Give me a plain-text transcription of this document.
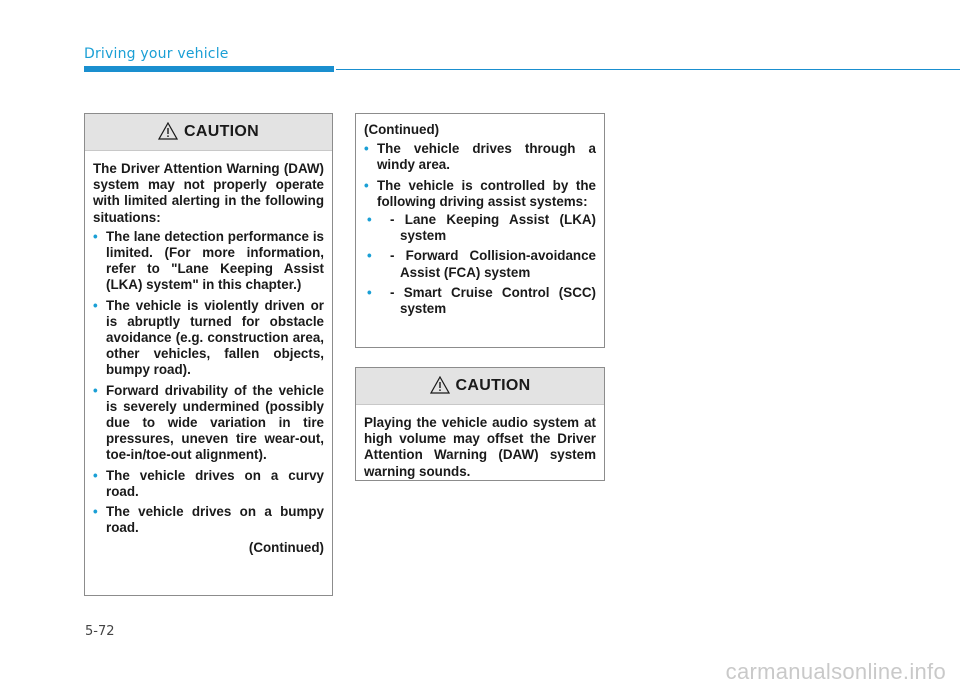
Driving your vehicle
CAUTION

The Driver Attention Warning (DAW) system may not properly operate with limited alerting in the following situations:

• The lane detection performance is limited. (For more information, refer to "Lane Keeping Assist (LKA) system" in this chapter.)
• The vehicle is violently driven or is abruptly turned for obstacle avoidance (e.g. construction area, other vehicles, fallen objects, bumpy road).
• Forward drivability of the vehicle is severely undermined (possibly due to wide variation in tire pressures, uneven tire wear-out, toe-in/toe-out alignment).
• The vehicle drives on a curvy road.
• The vehicle drives on a bumpy road.
(Continued)

(Continued)

• The vehicle drives through a windy area.
• The vehicle is controlled by the following driving assist systems:
• - Lane Keeping Assist (LKA) system
• - Forward Collision-avoidance Assist (FCA) system
• - Smart Cruise Control (SCC) system
CAUTION

Playing the vehicle audio system at high volume may offset the Driver Attention Warning (DAW) system warning sounds.

5-72
carmanualsonline.info
